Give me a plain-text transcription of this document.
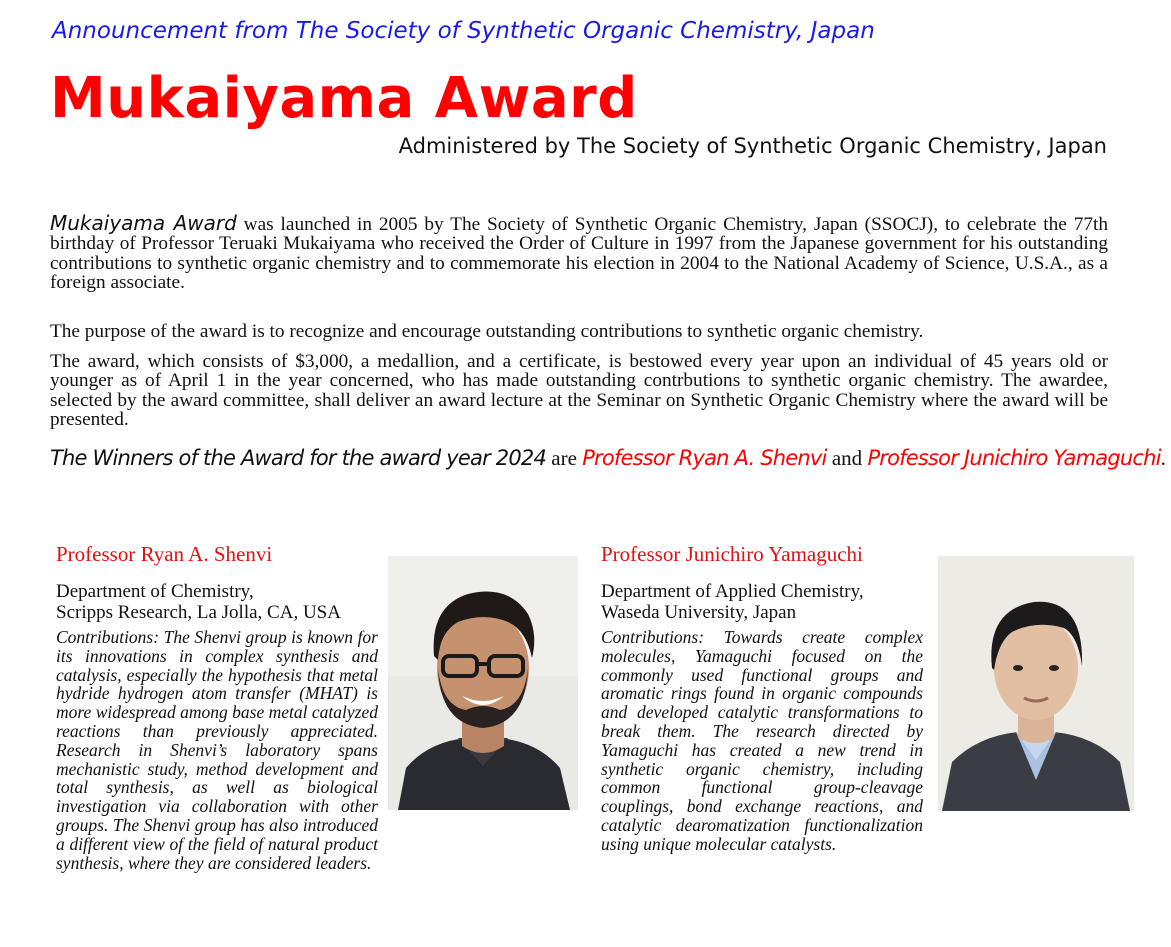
Announcement from The Society of Synthetic Organic Chemistry, Japan
Mukaiyama Award
Administered by The Society of Synthetic Organic Chemistry, Japan

Mukaiyama Award was launched in 2005 by The Society of Synthetic Organic Chemistry, Japan (SSOCJ), to celebrate the 77th birthday of Professor Teruaki Mukaiyama who received the Order of Culture in 1997 from the Japanese government for his outstanding contributions to synthetic organic chemistry and to commemorate his election in 2004 to the National Academy of Science, U.S.A., as a foreign associate.

The purpose of the award is to recognize and encourage outstanding contributions to synthetic organic chemistry.

The award, which consists of $3,000, a medallion, and a certificate, is bestowed every year upon an individual of 45 years old or younger as of April 1 in the year concerned, who has made outstanding contrbutions to synthetic organic chemistry. The awardee, selected by the award committee, shall deliver an award lecture at the Seminar on Synthetic Organic Chemistry where the award will be presented.

The Winners of the Award for the award year 2024 are Professor Ryan A. Shenvi and Professor Junichiro Yamaguchi.
Professor Ryan A. Shenvi
Department of Chemistry,
Scripps Research, La Jolla, CA, USA

Contributions: The Shenvi group is known for its innovations in complex synthesis and catalysis, especially the hypothesis that metal hydride hydrogen atom transfer (MHAT) is more widespread among base metal catalyzed reactions than previously appreciated. Research in Shenvi’s laboratory spans mechanistic study, method development and total synthesis, as well as biological investigation via collaboration with other groups. The Shenvi group has also introduced a different view of the field of natural product synthesis, where they are considered leaders.

Professor Junichiro Yamaguchi
Department of Applied Chemistry,
Waseda University, Japan

Contributions: Towards create complex molecules, Yamaguchi focused on the commonly used functional groups and aromatic rings found in organic compounds and developed catalytic transformations to break them. The research directed by Yamaguchi has created a new trend in synthetic organic chemistry, including common functional group-cleavage couplings, bond exchange reactions, and catalytic dearomatization functionalization using unique molecular catalysts.
